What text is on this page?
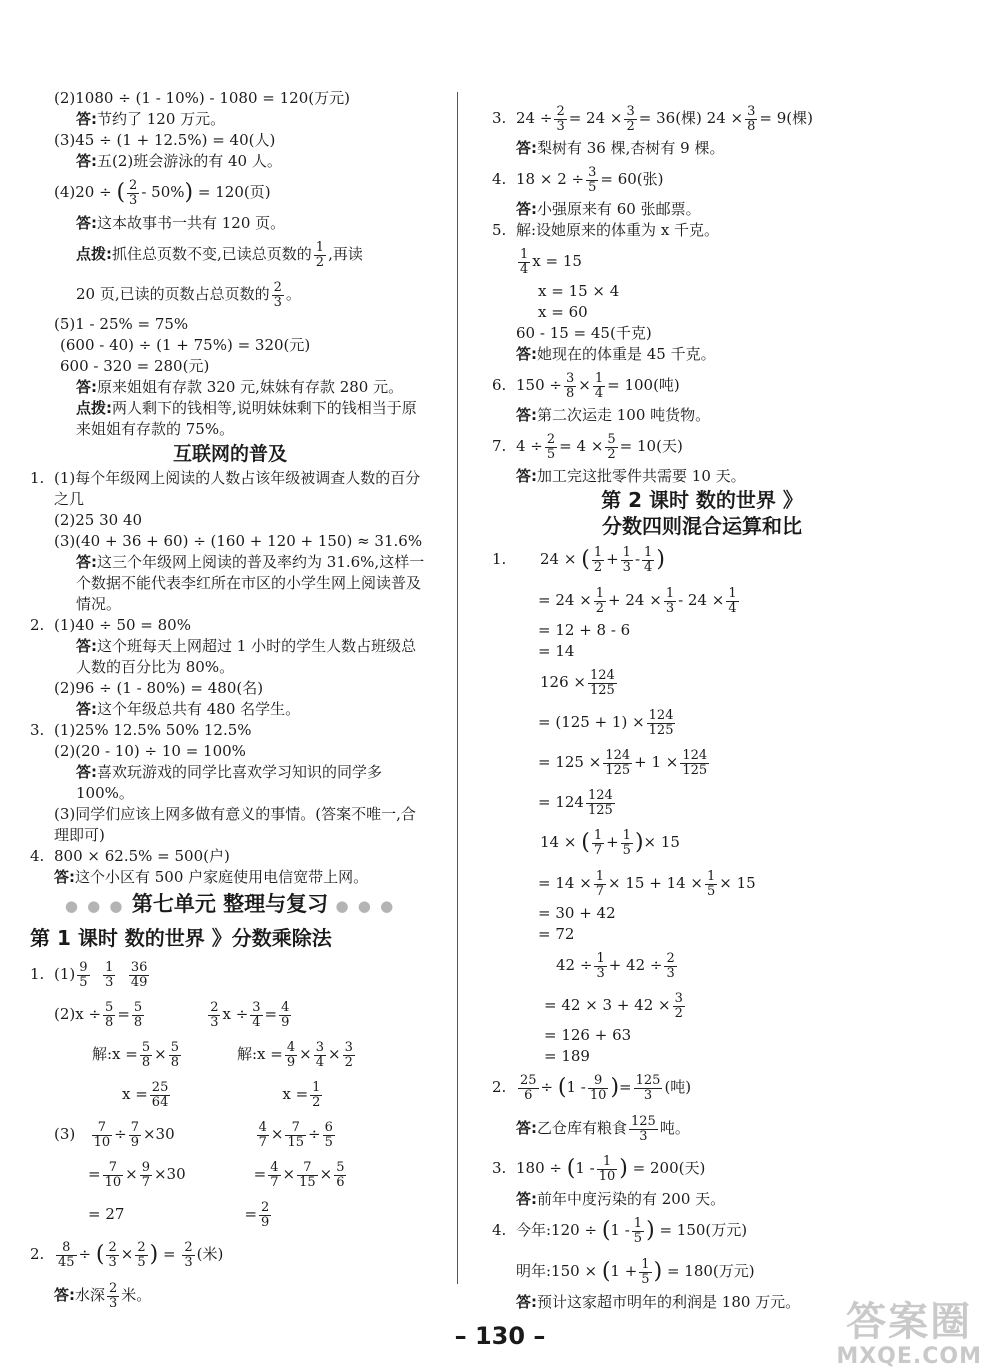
(2)1080 ÷ (1 - 10%) - 1080 = 120(万元)
答:节约了 120 万元。
(3)45 ÷ (1 + 12.5%) = 40(人)
答:五(2)班会游泳的有 40 人。
(4)20 ÷ ( $\frac{2}{3} - 50\%) = 120$(页)
答:这本故事书一共有 120 页。
点拨:抓住总页数不变,已读总页数的 $\frac{1}{2}$ ,再读
20 页,已读的页数占总页数的 $\frac{2}{3}$ 。
(5)1 - 25% = 75%
(600 - 40) ÷ (1 + 75%) = 320(元)
600 - 320 = 280(元)
答:原来姐姐有存款 320 元,妹妹有存款 280 元。
点拨:两人剩下的钱相等,说明妹妹剩下的钱相当于原来姐姐有存款的 75%。
互联网的普及
1. (1)每个年级网上阅读的人数占该年级被调查人数的百分之几
(2)25 30 40
(3)(40 + 36 + 60) ÷ (160 + 120 + 150) ≈ 31.6%
答:这三个年级网上阅读的普及率约为 31.6%,这样一个数据不能代表李红所在市区的小学生网上阅读普及情况。
2. (1)40 ÷ 50 = 80%
答:这个班每天上网超过 1 小时的学生人数占班级总人数的百分比为 80%。
(2)96 ÷ (1 - 80%) = 480(名)
答:这个年级总共有 480 名学生。
3. (1)25% 12.5% 50% 12.5%
(2)(20 - 10) ÷ 10 = 100%
答:喜欢玩游戏的同学比喜欢学习知识的同学多 100%。
(3)同学们应该上网多做有意义的事情。(答案不唯一,合理即可)
4. 800 × 62.5% = 500(户)
答:这个小区有 500 户家庭使用电信宽带上网。
● ● ● 第七单元 整理与复习 ● ● ●
第 1 课时 数的世界 》分数乘除法
1. $(1) \frac{9}{5}$
$\frac{1}{3}$
$\frac{36}{49}$
$(2)x \div \frac{5}{8} = \frac{5}{8}$	$\frac{2}{3}$ $x \div \frac{3}{4} = \frac{4}{9}$
解:x = $\frac{5}{8} \times \frac{5}{8}$	解:x = $\frac{4}{9} \times \frac{3}{4} \times \frac{3}{2}$
$x = \frac{25}{64}$	$x = \frac{1}{2}$
$(3) \frac{7}{10} \div \frac{7}{9} \times 30$	$\frac{4}{7} \times \frac{7}{15} \div \frac{6}{5}$
= $\frac{7}{10} \times \frac{9}{7} \times 30$	= $\frac{4}{7} \times \frac{7}{15} \times \frac{5}{6}$
= 27	= $\frac{2}{9}$
2. $\frac{8}{45}$ ÷ ( $\frac{2}{3} \times \frac{2}{5}$ ) = $\frac{2}{3}$ (米)
答:水深 $\frac{2}{3}$ 米。
3. $24 \div \frac{2}{3} = 24 \times \frac{3}{2} = 36$(棵) $24 \times \frac{3}{8} = 9$(棵)
答:梨树有 36 棵,杏树有 9 棵。
4. $18 \times 2 \div \frac{3}{5} = 60$(张)
答:小强原来有 60 张邮票。
5. 解:设她原来的体重为 x 千克。
$\frac{1}{4}$ x = 15
x = 15 × 4
x = 60
60 - 15 = 45(千克)
答:她现在的体重是 45 千克。
6. $150 \div \frac{3}{8} \times \frac{1}{4} = 100$(吨)
答:第二次运走 100 吨货物。
7. $4 \div \frac{2}{5} = 4 \times \frac{5}{2} = 10$(天)
答:加工完这批零件共需要 10 天。
第 2 课时 数的世界 》
分数四则混合运算和比
1. 24 × ( $\frac{1}{2} + \frac{1}{3} - \frac{1}{4}$ )
= $24 \times \frac{1}{2} + 24 \times \frac{1}{3} - 24 \times \frac{1}{4}$
= 12 + 8 - 6
= 14
$126 \times \frac{124}{125}$
= $(125 + 1) \times \frac{124}{125}$
= $125 \times \frac{124}{125} + 1 \times \frac{124}{125}$
= $124 \frac{124}{125}$
14 × ( $\frac{1}{7} + \frac{1}{5}$ )× 15
= $14 \times \frac{1}{7} \times 15 + 14 \times \frac{1}{5} \times 15$
= 30 + 42
= 72
$42 \div \frac{1}{3} + 42 \div \frac{2}{3}$
= $42 \times 3 + 42 \times \frac{3}{2}$
= 126 + 63
= 189
2. $\frac{25}{6} \div (1 - \frac{9}{10}$ )= $\frac{125}{3}$ (吨)
答:乙仓库有粮食 $\frac{125}{3}$ 吨。
3. $180 \div (1 - \frac{1}{10}$ ) = 200(天)
答:前年中度污染的有 200 天。
4. 今年:120 ÷ ($1 - \frac{1}{5}$ ) = 150(万元)
明年:150 × ($1 + \frac{1}{5}$ ) = 180(万元)
答:预计这家超市明年的利润是 180 万元。
– 130 –	答案圈
MXQE.COM
